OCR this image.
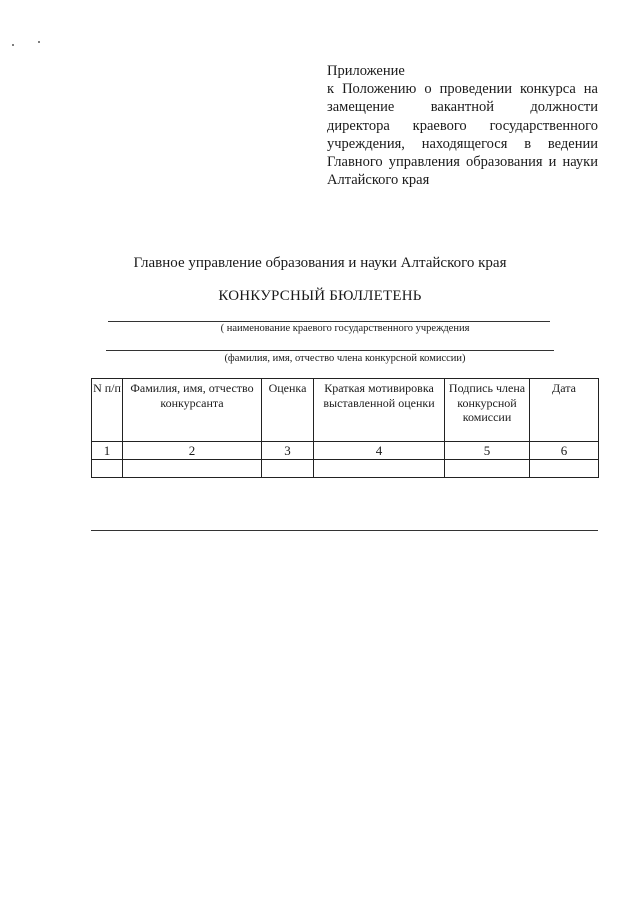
Приложение
к Положению о проведении конкурса на замещение вакантной должности директора краевого государственного учреждения, находящегося в ведении Главного управления образования и науки Алтайского края
Главное управление образования и науки Алтайского края
КОНКУРСНЫЙ БЮЛЛЕТЕНЬ
( наименование краевого государственного учреждения
(фамилия, имя, отчество члена конкурсной комиссии)
N п/п	Фамилия, имя, отчество конкурсанта	Оценка	Краткая мотивировка выставленной оценки	Подпись члена конкурсной комиссии	Дата
1	2	3	4	5	6
